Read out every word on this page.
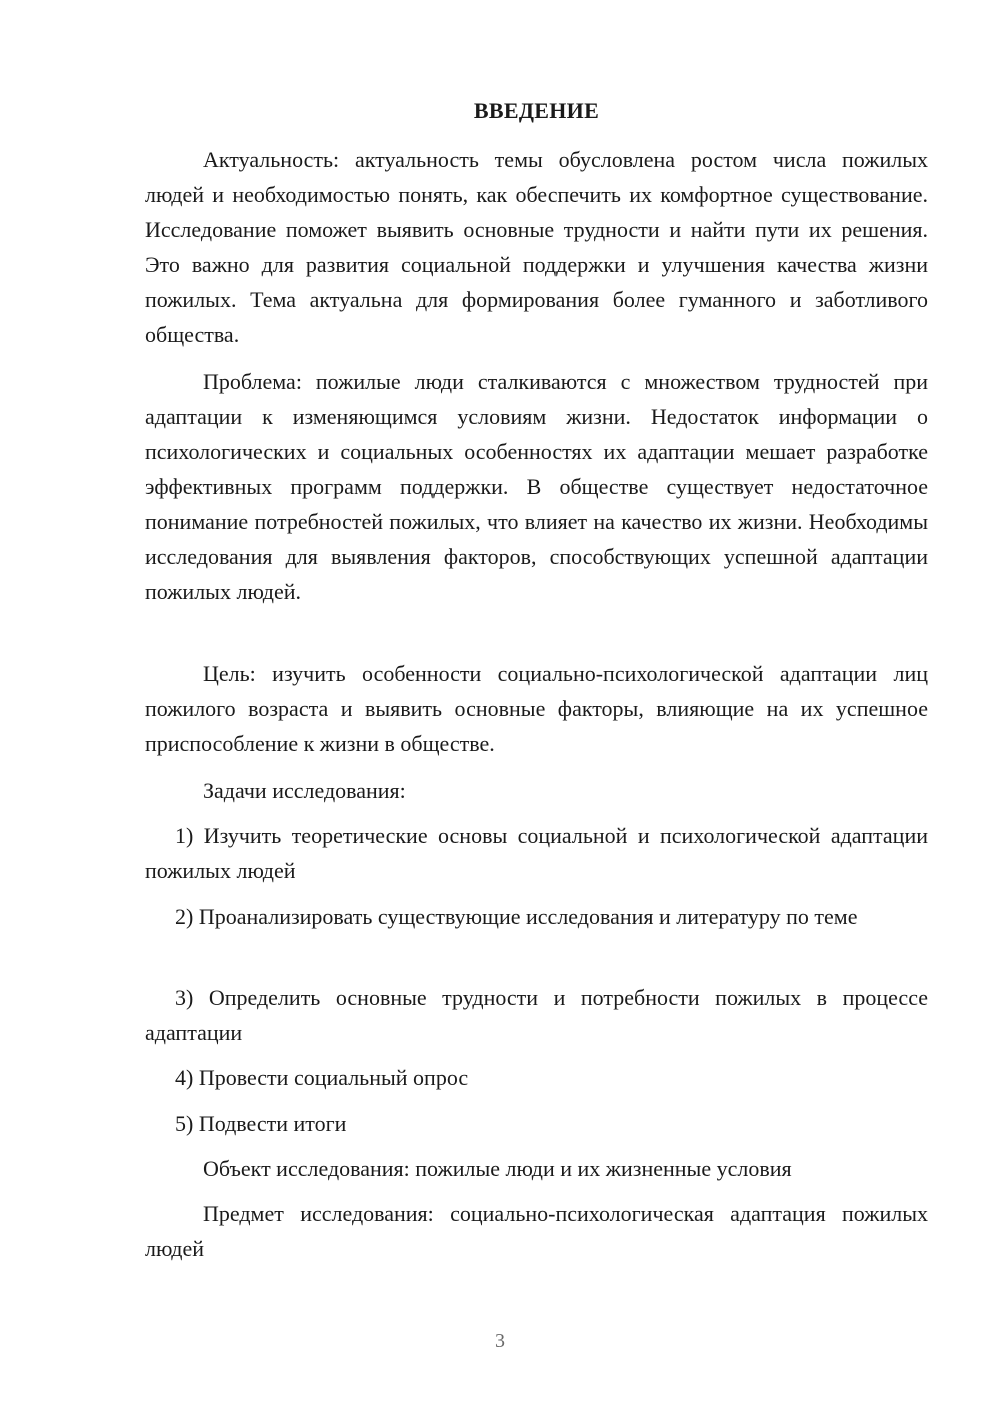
ВВЕДЕНИЕ

Актуальность: актуальность темы обусловлена ростом числа пожилых людей и необходимостью понять, как обеспечить их комфортное существование. Исследование поможет выявить основные трудности и найти пути их решения. Это важно для развития социальной поддержки и улучшения качества жизни пожилых. Тема актуальна для формирования более гуманного и заботливого общества.

Проблема: пожилые люди сталкиваются с множеством трудностей при адаптации к изменяющимся условиям жизни. Недостаток информации о психологических и социальных особенностях их адаптации мешает разработке эффективных программ поддержки. В обществе существует недостаточное понимание потребностей пожилых, что влияет на качество их жизни. Необходимы исследования для выявления факторов, способствующих успешной адаптации пожилых людей.

Цель: изучить особенности социально-психологической адаптации лиц пожилого возраста и выявить основные факторы, влияющие на их успешное приспособление к жизни в обществе.

Задачи исследования:

1) Изучить теоретические основы социальной и психологической адаптации пожилых людей

2) Проанализировать существующие исследования и литературу по теме

3) Определить основные трудности и потребности пожилых в процессе адаптации

4) Провести социальный опрос

5) Подвести итоги

Объект исследования: пожилые люди и их жизненные условия

Предмет исследования: социально-психологическая адаптация пожилых людей

3
